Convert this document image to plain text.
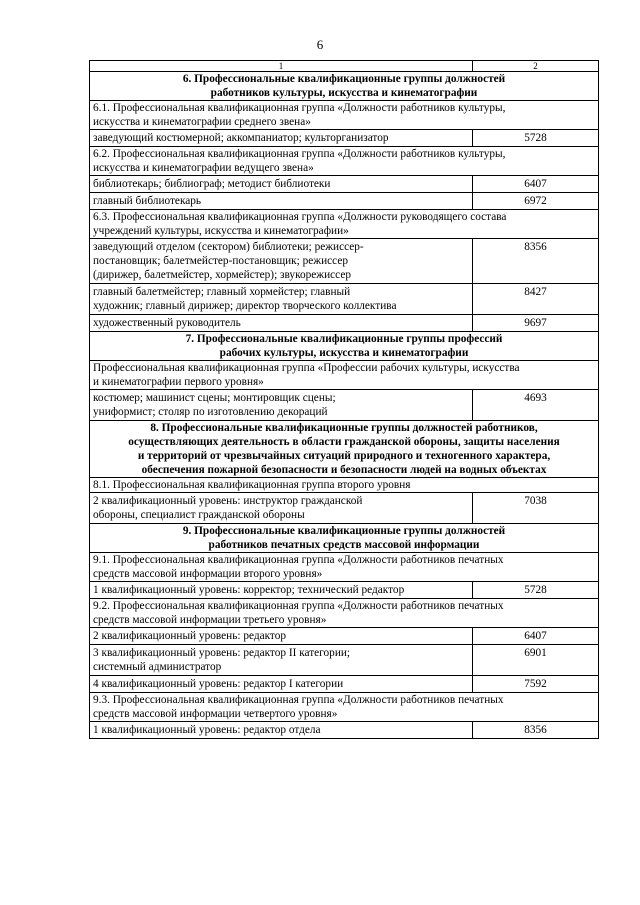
6
1	2
6. Профессиональные квалификационные группы должностей
работников культуры, искусства и кинематографии	
6.1. Профессиональная квалификационная группа «Должности работников культуры,
искусства и кинематографии среднего звена»	
заведующий костюмерной; аккомпаниатор; культорганизатор	5728
6.2. Профессиональная квалификационная группа «Должности работников культуры,
искусства и кинематографии ведущего звена»	
библиотекарь; библиограф; методист библиотеки	6407
главный библиотекарь	6972
6.3. Профессиональная квалификационная группа «Должности руководящего состава
учреждений культуры, искусства и кинематографии»	
заведующий отделом (сектором) библиотеки; режиссер-
постановщик; балетмейстер-постановщик; режиссер
(дирижер, балетмейстер, хормейстер); звукорежиссер	8356
главный балетмейстер; главный хормейстер; главный
художник; главный дирижер; директор творческого коллектива	8427
художественный руководитель	9697
7. Профессиональные квалификационные группы профессий
рабочих культуры, искусства и кинематографии	
Профессиональная квалификационная группа «Профессии рабочих культуры, искусства
и кинематографии первого уровня»	
костюмер; машинист сцены; монтировщик сцены;
униформист; столяр по изготовлению декораций	4693
8. Профессиональные квалификационные группы должностей работников,
осуществляющих деятельность в области гражданской обороны, защиты населения
и территорий от чрезвычайных ситуаций природного и техногенного характера,
обеспечения пожарной безопасности и безопасности людей на водных объектах	
8.1. Профессиональная квалификационная группа второго уровня	
2 квалификационный уровень: инструктор гражданской
обороны, специалист гражданской обороны	7038
9. Профессиональные квалификационные группы должностей
работников печатных средств массовой информации	
9.1. Профессиональная квалификационная группа «Должности работников печатных
средств массовой информации второго уровня»	
1 квалификационный уровень: корректор; технический редактор	5728
9.2. Профессиональная квалификационная группа «Должности работников печатных
средств массовой информации третьего уровня»	
2 квалификационный уровень: редактор	6407
3 квалификационный уровень: редактор II категории;
системный администратор	6901
4 квалификационный уровень: редактор I категории	7592
9.3. Профессиональная квалификационная группа «Должности работников печатных
средств массовой информации четвертого уровня»	
1 квалификационный уровень: редактор отдела	8356
